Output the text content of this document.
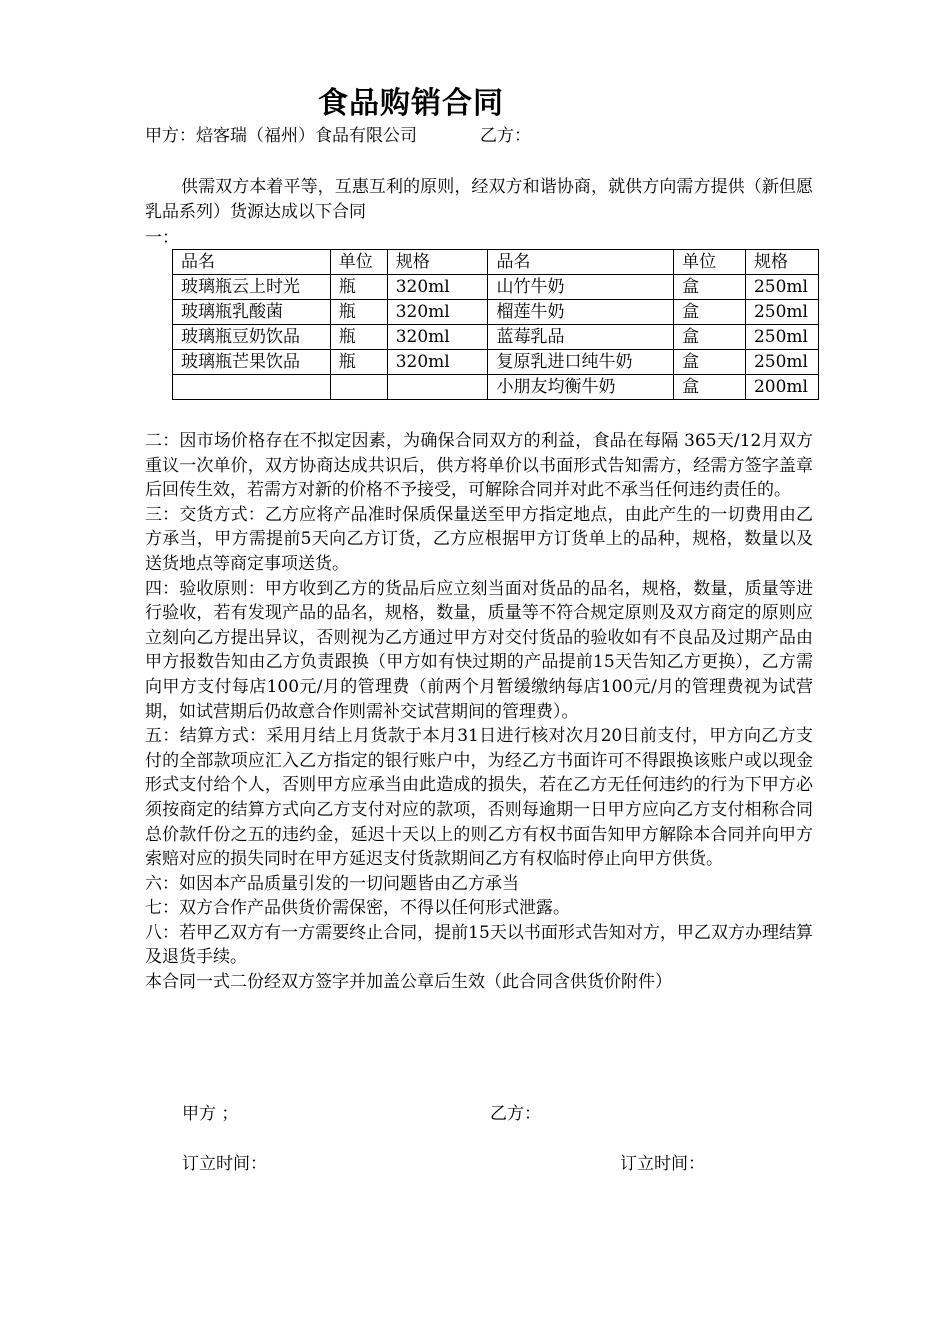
食品购销合同
甲方：焙客瑞（福州）食品有限公司	乙方：

供需双方本着平等，互惠互利的原则，经双方和谐协商，就供方向需方提供（新但愿乳品系列）货源达成以下合同

一：
品名	单位	规格	品名	单位	规格
玻璃瓶云上时光	瓶	320ml	山竹牛奶	盒	250ml
玻璃瓶乳酸菌	瓶	320ml	榴莲牛奶	盒	250ml
玻璃瓶豆奶饮品	瓶	320ml	蓝莓乳品	盒	250ml
玻璃瓶芒果饮品	瓶	320ml	复原乳进口纯牛奶	盒	250ml
			小朋友均衡牛奶	盒	200ml

二：因市场价格存在不拟定因素，为确保合同双方的利益，食品在每隔 365天/12月双方重议一次单价，双方协商达成共识后，供方将单价以书面形式告知需方，经需方签字盖章后回传生效，若需方对新的价格不予接受，可解除合同并对此不承当任何违约责任的。

三：交货方式：乙方应将产品准时保质保量送至甲方指定地点，由此产生的一切费用由乙方承当，甲方需提前5天向乙方订货，乙方应根据甲方订货单上的品种，规格，数量以及送货地点等商定事项送货。

四：验收原则：甲方收到乙方的货品后应立刻当面对货品的品名，规格，数量，质量等进行验收，若有发现产品的品名，规格，数量，质量等不符合规定原则及双方商定的原则应立刻向乙方提出异议，否则视为乙方通过甲方对交付货品的验收如有不良品及过期产品由甲方报数告知由乙方负责跟换（甲方如有快过期的产品提前15天告知乙方更换），乙方需向甲方支付每店100元/月的管理费（前两个月暂缓缴纳每店100元/月的管理费视为试营期，如试营期后仍故意合作则需补交试营期间的管理费）。

五：结算方式：采用月结上月货款于本月31日进行核对次月20日前支付，甲方向乙方支付的全部款项应汇入乙方指定的银行账户中，为经乙方书面许可不得跟换该账户或以现金形式支付给个人，否则甲方应承当由此造成的损失，若在乙方无任何违约的行为下甲方必须按商定的结算方式向乙方支付对应的款项，否则每逾期一日甲方应向乙方支付相称合同总价款仟份之五的违约金，延迟十天以上的则乙方有权书面告知甲方解除本合同并向甲方索赔对应的损失同时在甲方延迟支付货款期间乙方有权临时停止向甲方供货。

六：如因本产品质量引发的一切问题皆由乙方承当

七：双方合作产品供货价需保密，不得以任何形式泄露。

八：若甲乙双方有一方需要终止合同，提前15天以书面形式告知对方，甲乙双方办理结算及退货手续。

本合同一式二份经双方签字并加盖公章后生效（此合同含供货价附件）

甲方 ；	乙方：
订立时间：	订立时间：
